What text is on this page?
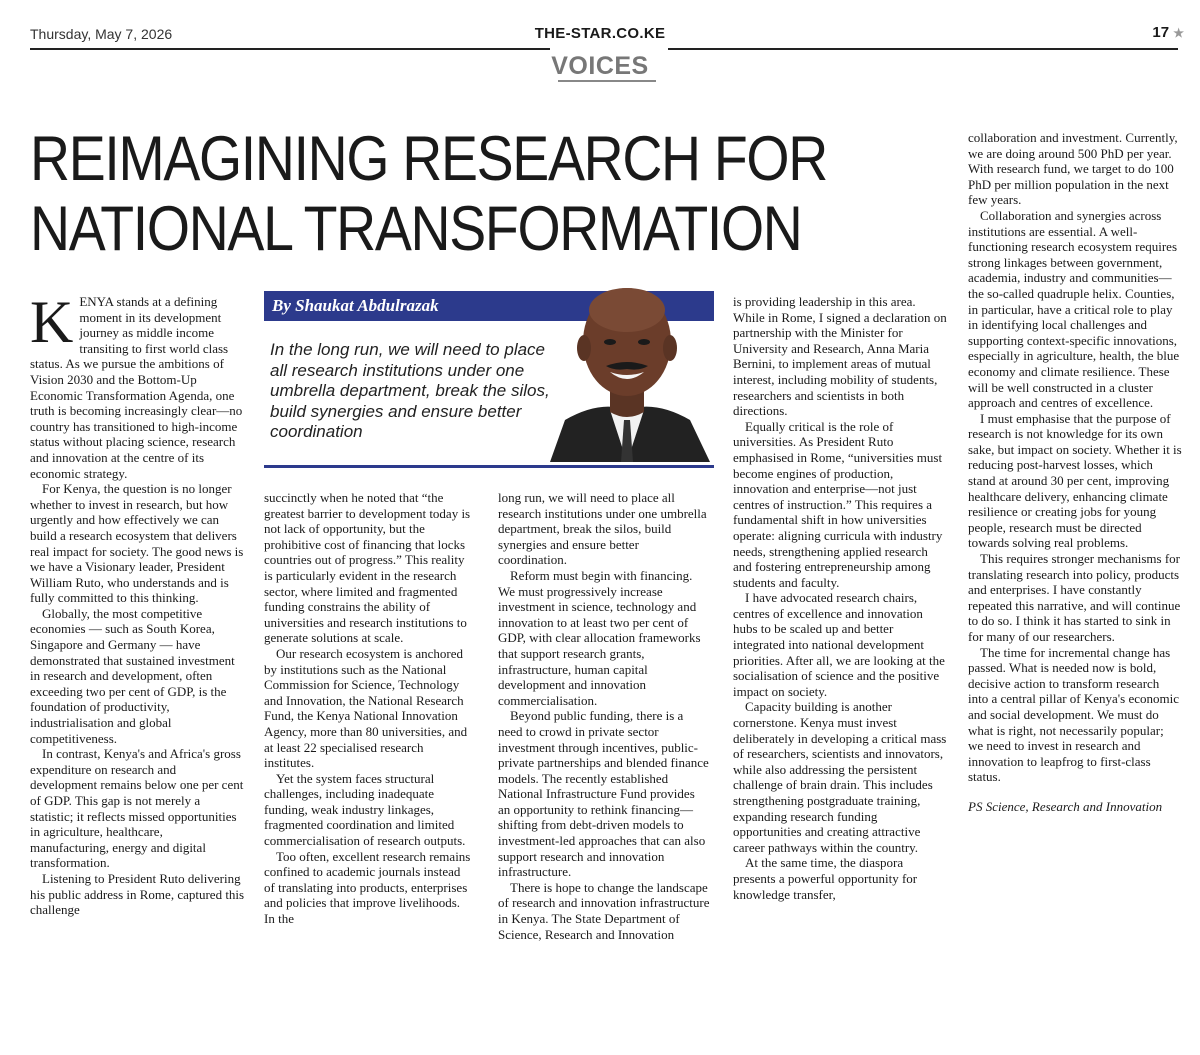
Thursday, May 7, 2026	THE-STAR.CO.KE	17 ★
VOICES
REIMAGINING RESEARCH FOR
NATIONAL TRANSFORMATION

KENYA stands at a defining moment in its development journey as middle income transiting to first world class status. As we pursue the ambitions of Vision 2030 and the Bottom-Up Economic Transformation Agenda, one truth is becoming increasingly clear—no country has transitioned to high-income status without placing science, research and innovation at the centre of its economic strategy.

For Kenya, the question is no longer whether to invest in research, but how urgently and how effectively we can build a research ecosystem that delivers real impact for society. The good news is we have a Visionary leader, President William Ruto, who understands and is fully committed to this thinking.

Globally, the most competitive economies — such as South Korea, Singapore and Germany — have demonstrated that sustained investment in research and development, often exceeding two per cent of GDP, is the foundation of productivity, industrialisation and global competitiveness.

In contrast, Kenya's and Africa's gross expenditure on research and development remains below one per cent of GDP. This gap is not merely a statistic; it reflects missed opportunities in agriculture, healthcare, manufacturing, energy and digital transformation.

Listening to President Ruto delivering his public address in Rome, captured this challenge

By Shaukat Abdulrazak
In the long run, we will need to place all research institutions under one umbrella department, break the silos, build synergies and ensure better coordination

succinctly when he noted that “the greatest barrier to development today is not lack of opportunity, but the prohibitive cost of financing that locks countries out of progress.” This reality is particularly evident in the research sector, where limited and fragmented funding constrains the ability of universities and research institutions to generate solutions at scale.

Our research ecosystem is anchored by institutions such as the National Commission for Science, Technology and Innovation, the National Research Fund, the Kenya National Innovation Agency, more than 80 universities, and at least 22 specialised research institutes.

Yet the system faces structural challenges, including inadequate funding, weak industry linkages, fragmented coordination and limited commercialisation of research outputs.

Too often, excellent research remains confined to academic journals instead of translating into products, enterprises and policies that improve livelihoods. In the

long run, we will need to place all research institutions under one umbrella department, break the silos, build synergies and ensure better coordination.

Reform must begin with financing. We must progressively increase investment in science, technology and innovation to at least two per cent of GDP, with clear allocation frameworks that support research grants, infrastructure, human capital development and innovation commercialisation.

Beyond public funding, there is a need to crowd in private sector investment through incentives, public-private partnerships and blended finance models. The recently established National Infrastructure Fund provides an opportunity to rethink financing—shifting from debt-driven models to investment-led approaches that can also support research and innovation infrastructure.

There is hope to change the landscape of research and innovation infrastructure in Kenya. The State Department of Science, Research and Innovation

is providing leadership in this area. While in Rome, I signed a declaration on partnership with the Minister for University and Research, Anna Maria Bernini, to implement areas of mutual interest, including mobility of students, researchers and scientists in both directions.

Equally critical is the role of universities. As President Ruto emphasised in Rome, “universities must become engines of production, innovation and enterprise—not just centres of instruction.” This requires a fundamental shift in how universities operate: aligning curricula with industry needs, strengthening applied research and fostering entrepreneurship among students and faculty.

I have advocated research chairs, centres of excellence and innovation hubs to be scaled up and better integrated into national development priorities. After all, we are looking at the socialisation of science and the positive impact on society.

Capacity building is another cornerstone. Kenya must invest deliberately in developing a critical mass of researchers, scientists and innovators, while also addressing the persistent challenge of brain drain. This includes strengthening postgraduate training, expanding research funding opportunities and creating attractive career pathways within the country.

At the same time, the diaspora presents a powerful opportunity for knowledge transfer,

collaboration and investment. Currently, we are doing around 500 PhD per year. With research fund, we target to do 100 PhD per million population in the next few years.

Collaboration and synergies across institutions are essential. A well-functioning research ecosystem requires strong linkages between government, academia, industry and communities—the so-called quadruple helix. Counties, in particular, have a critical role to play in identifying local challenges and supporting context-specific innovations, especially in agriculture, health, the blue economy and climate resilience. These will be well constructed in a cluster approach and centres of excellence.

I must emphasise that the purpose of research is not knowledge for its own sake, but impact on society. Whether it is reducing post-harvest losses, which stand at around 30 per cent, improving healthcare delivery, enhancing climate resilience or creating jobs for young people, research must be directed towards solving real problems.

This requires stronger mechanisms for translating research into policy, products and enterprises. I have constantly repeated this narrative, and will continue to do so. I think it has started to sink in for many of our researchers.

The time for incremental change has passed. What is needed now is bold, decisive action to transform research into a central pillar of Kenya's economic and social development. We must do what is right, not necessarily popular; we need to invest in research and innovation to leapfrog to first-class status.

PS Science, Research and Innovation
